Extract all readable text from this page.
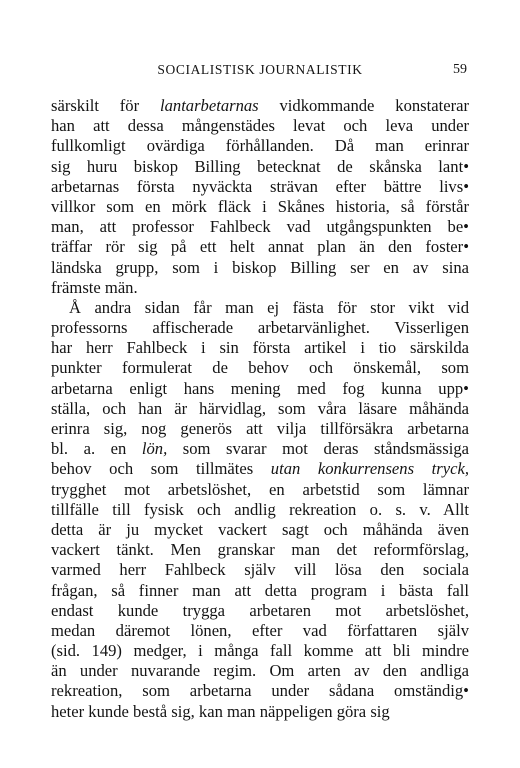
SOCIALISTISK JOURNALISTIK	59
särskilt för lantarbetarnas vidkommande konstaterar
han att dessa mångenstädes levat och leva under
fullkomligt ovärdiga förhållanden. Då man erinrar
sig huru biskop Billing betecknat de skånska lant•
arbetarnas första nyväckta strävan efter bättre livs•
villkor som en mörk fläck i Skånes historia, så förstår
man, att professor Fahlbeck vad utgångspunkten be•
träffar rör sig på ett helt annat plan än den foster•
ländska grupp, som i biskop Billing ser en av sina
främste män.
Å andra sidan får man ej fästa för stor vikt vid
professorns affischerade arbetarvänlighet. Visserligen
har herr Fahlbeck i sin första artikel i tio särskilda
punkter formulerat de behov och önskemål, som
arbetarna enligt hans mening med fog kunna upp•
ställa, och han är härvidlag, som våra läsare måhända
erinra sig, nog generös att vilja tillförsäkra arbetarna
bl. a. en lön, som svarar mot deras ståndsmässiga
behov och som tillmätes utan konkurrensens tryck,
trygghet mot arbetslöshet, en arbetstid som lämnar
tillfälle till fysisk och andlig rekreation o. s. v. Allt
detta är ju mycket vackert sagt och måhända även
vackert tänkt. Men granskar man det reformförslag,
varmed herr Fahlbeck själv vill lösa den sociala
frågan, så finner man att detta program i bästa fall
endast kunde trygga arbetaren mot arbetslöshet,
medan däremot lönen, efter vad författaren själv
(sid. 149) medger, i många fall komme att bli mindre
än under nuvarande regim. Om arten av den andliga
rekreation, som arbetarna under sådana omständig•
heter kunde bestå sig, kan man näppeligen göra sig
